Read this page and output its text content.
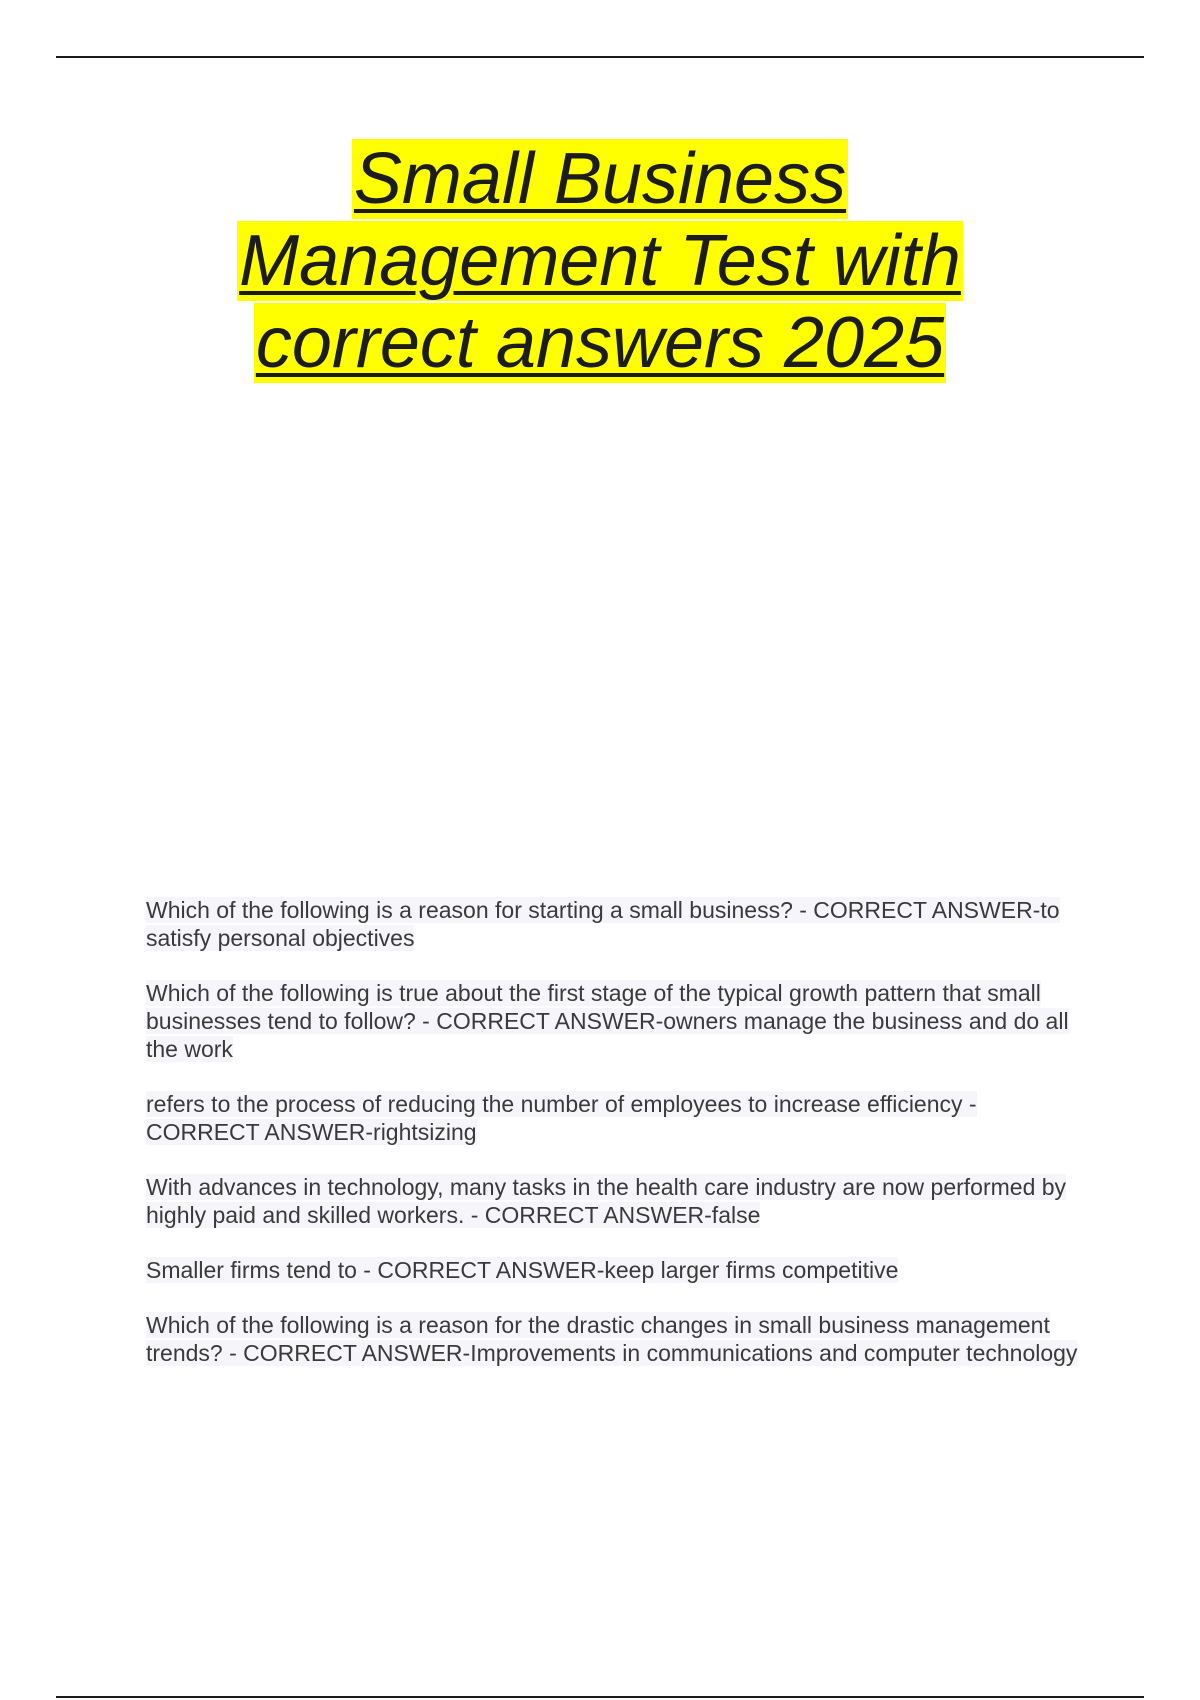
Small Business
Management Test with
correct answers 2025

Which of the following is a reason for starting a small business? - CORRECT ANSWER-to satisfy personal objectives

Which of the following is true about the first stage of the typical growth pattern that small businesses tend to follow? - CORRECT ANSWER-owners manage the business and do all the work

refers to the process of reducing the number of employees to increase efficiency - CORRECT ANSWER-rightsizing

With advances in technology, many tasks in the health care industry are now performed by highly paid and skilled workers. - CORRECT ANSWER-false

Smaller firms tend to - CORRECT ANSWER-keep larger firms competitive

Which of the following is a reason for the drastic changes in small business management trends? - CORRECT ANSWER-Improvements in communications and computer technology
